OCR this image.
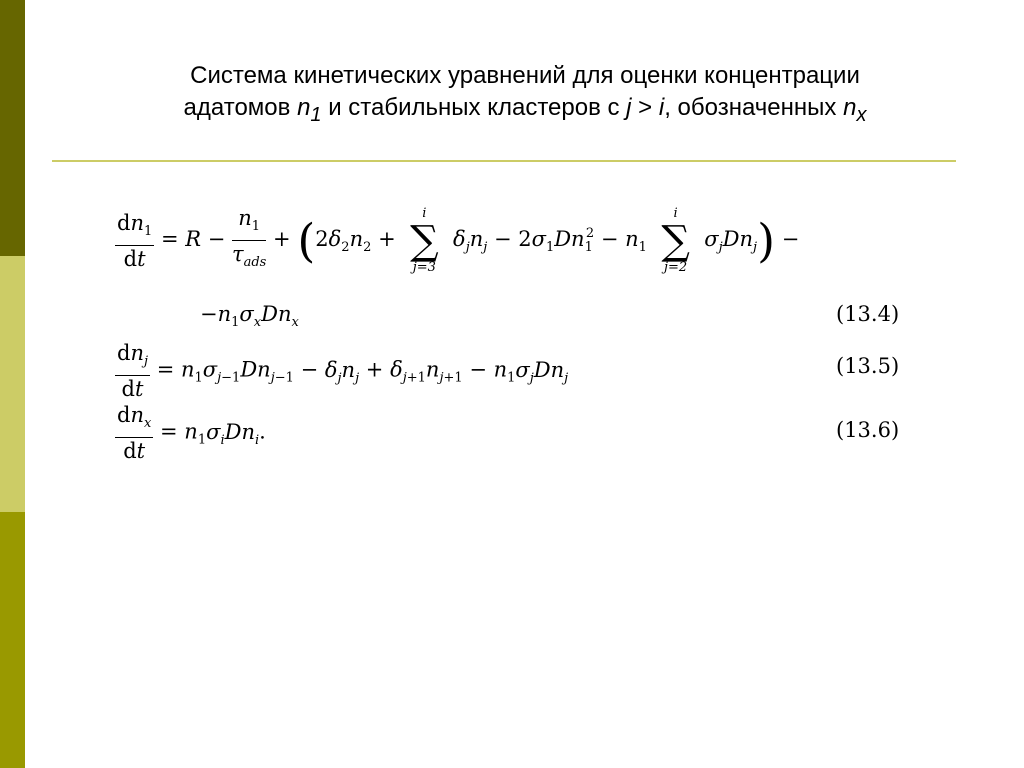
Система кинетических уравнений для оценки концентрации
адатомов $n_1$ и стабильных кластеров с j > i, обозначенных $n_x$
$\frac{dn_1}{dt} = R - \frac{n_1}{\tau_{ads}} + (2\delta_2n_2$ +
i
∑
j=3
$\delta_jn_j - 2\sigma_1Dn_1^2 - n_1$
i
∑
j=2
$\sigma_jDn_j$) −
$-n_1\sigma_xDn_x$	(13.4)
$\frac{dn_j}{dt} = n_1\sigma_{j-1}Dn_{j-1} - \delta_jn_j + \delta_{j+1}n_{j+1} - n_1\sigma_jDn_j$	(13.5)
$\frac{dn_x}{dt} = n_1\sigma_iDn_i$.	(13.6)
